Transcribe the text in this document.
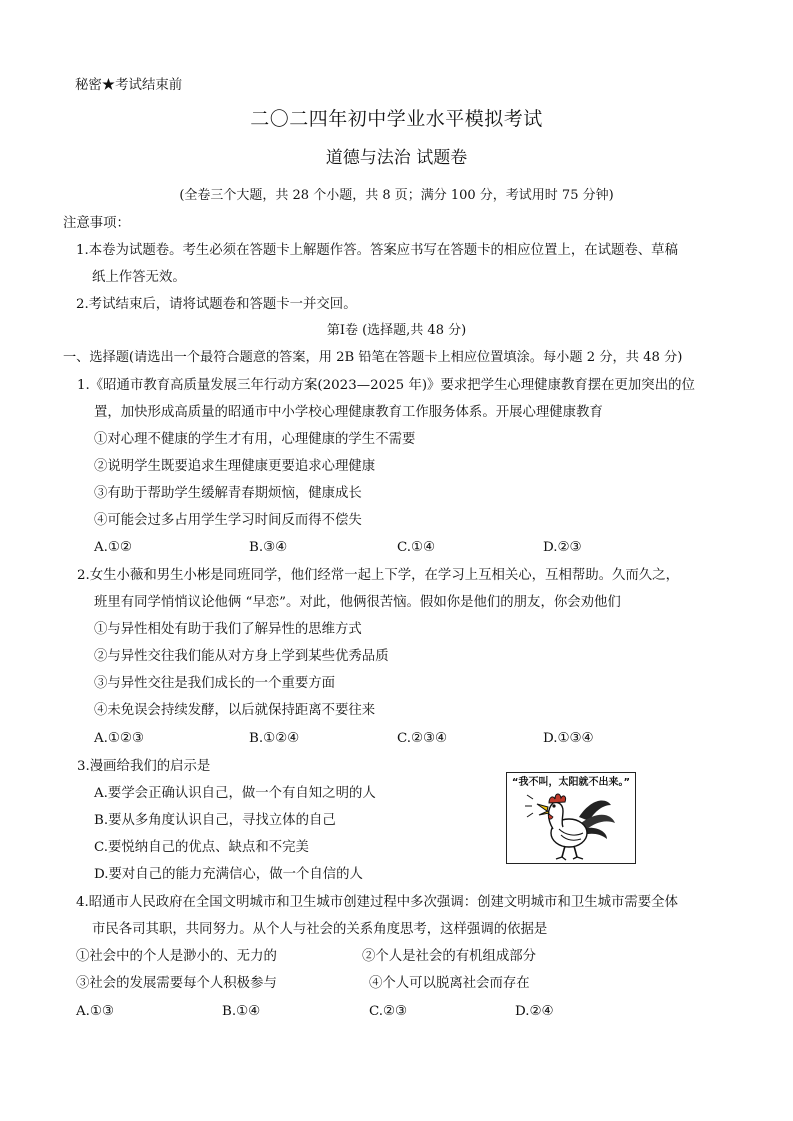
秘密★考试结束前
二〇二四年初中学业水平模拟考试
道德与法治 试题卷
(全卷三个大题，共 28 个小题，共 8 页；满分 100 分，考试用时 75 分钟)
注意事项：
1.本卷为试题卷。考生必须在答题卡上解题作答。答案应书写在答题卡的相应位置上，在试题卷、草稿
纸上作答无效。
2.考试结束后，请将试题卷和答题卡一并交回。
第Ⅰ卷 (选择题,共 48 分)
一、选择题(请选出一个最符合题意的答案，用 2B 铅笔在答题卡上相应位置填涂。每小题 2 分，共 48 分)
1.《昭通市教育高质量发展三年行动方案(2023—2025 年)》要求把学生心理健康教育摆在更加突出的位
置，加快形成高质量的昭通市中小学校心理健康教育工作服务体系。开展心理健康教育
①对心理不健康的学生才有用，心理健康的学生不需要
②说明学生既要追求生理健康更要追求心理健康
③有助于帮助学生缓解青春期烦恼，健康成长
④可能会过多占用学生学习时间反而得不偿失
A.①②	B.③④	C.①④	D.②③
2.女生小薇和男生小彬是同班同学，他们经常一起上下学，在学习上互相关心，互相帮助。久而久之，
班里有同学悄悄议论他俩 “早恋”。对此，他俩很苦恼。假如你是他们的朋友，你会劝他们
①与异性相处有助于我们了解异性的思维方式
②与异性交往我们能从对方身上学到某些优秀品质
③与异性交往是我们成长的一个重要方面
④未免误会持续发酵，以后就保持距离不要往来
A.①②③	B.①②④	C.②③④	D.①③④
3.漫画给我们的启示是
A.要学会正确认识自己，做一个有自知之明的人
B.要从多角度认识自己，寻找立体的自己
C.要悦纳自己的优点、缺点和不完美
D.要对自己的能力充满信心，做一个自信的人
“我不叫，太阳就不出来。”
4.昭通市人民政府在全国文明城市和卫生城市创建过程中多次强调：创建文明城市和卫生城市需要全体
市民各司其职，共同努力。从个人与社会的关系角度思考，这样强调的依据是
①社会中的个人是渺小的、无力的	②个人是社会的有机组成部分
③社会的发展需要每个人积极参与	④个人可以脱离社会而存在
A.①③	B.①④	C.②③	D.②④
